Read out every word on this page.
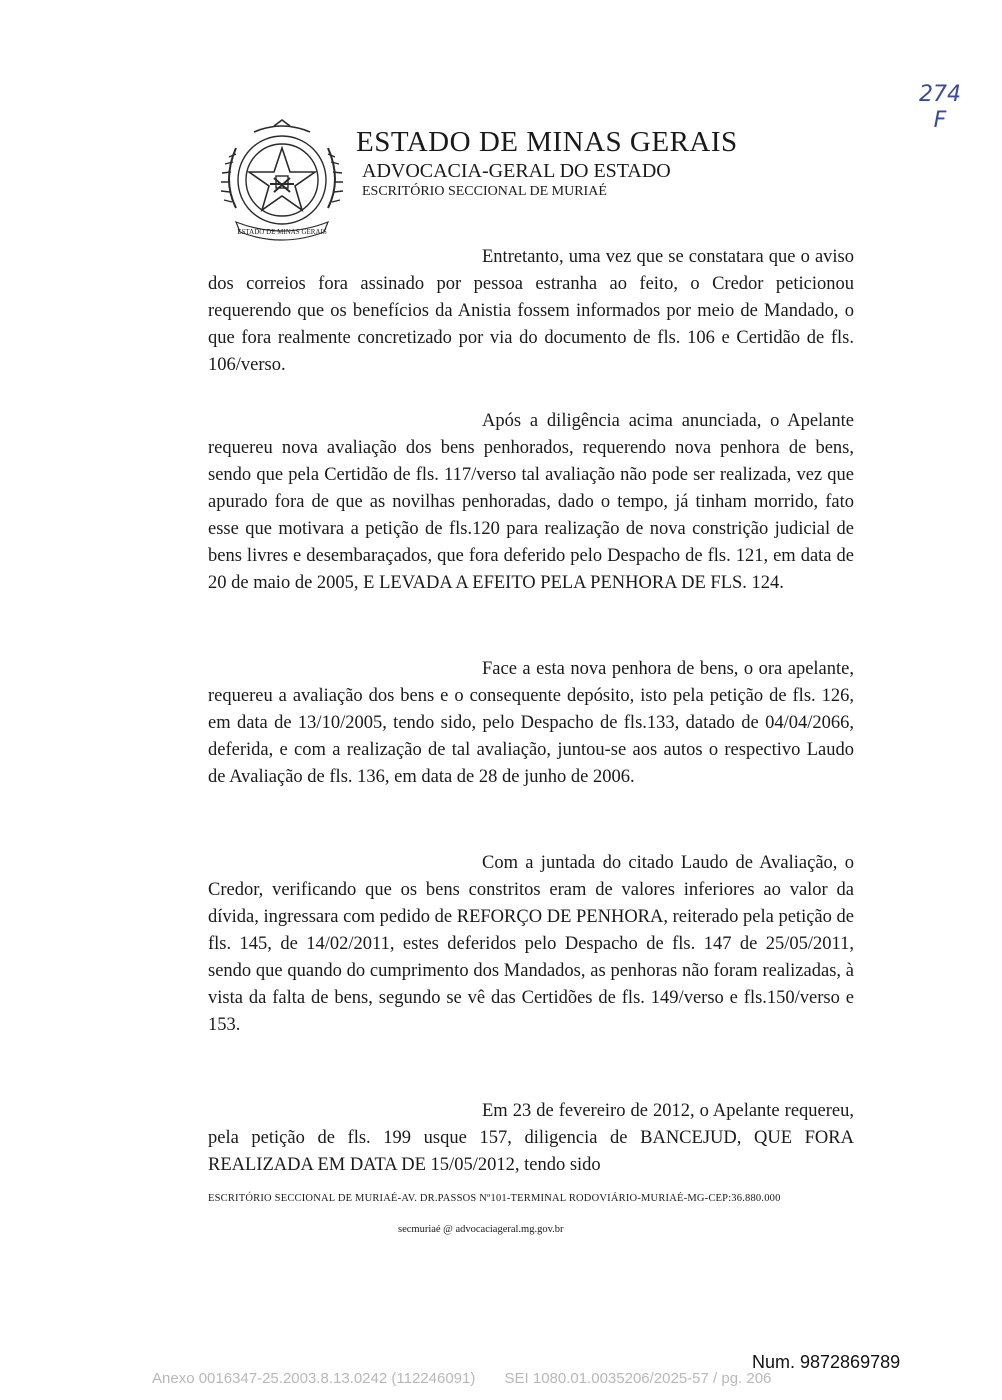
274
F
ESTADO DE MINAS GERAIS
ESTADO DE MINAS GERAIS
ADVOCACIA-GERAL DO ESTADO
ESCRITÓRIO SECCIONAL DE MURIAÉ
Entretanto, uma vez que se constatara que o aviso dos correios fora assinado por pessoa estranha ao feito, o Credor peticionou requerendo que os benefícios da Anistia fossem informados por meio de Mandado, o que fora realmente concretizado por via do documento de fls. 106 e Certidão de fls. 106/verso.
Após a diligência acima anunciada, o Apelante requereu nova avaliação dos bens penhorados, requerendo nova penhora de bens, sendo que pela Certidão de fls. 117/verso tal avaliação não pode ser realizada, vez que apurado fora de que as novilhas penhoradas, dado o tempo, já tinham morrido, fato esse que motivara a petição de fls.120 para realização de nova constrição judicial de bens livres e desembaraçados, que fora deferido pelo Despacho de fls. 121, em data de 20 de maio de 2005, E LEVADA A EFEITO PELA PENHORA DE FLS. 124.
Face a esta nova penhora de bens, o ora apelante, requereu a avaliação dos bens e o consequente depósito, isto pela petição de fls. 126, em data de 13/10/2005, tendo sido, pelo Despacho de fls.133, datado de 04/04/2066, deferida, e com a realização de tal avaliação, juntou-se aos autos o respectivo Laudo de Avaliação de fls. 136, em data de 28 de junho de 2006.
Com a juntada do citado Laudo de Avaliação, o Credor, verificando que os bens constritos eram de valores inferiores ao valor da dívida, ingressara com pedido de REFORÇO DE PENHORA, reiterado pela petição de fls. 145, de 14/02/2011, estes deferidos pelo Despacho de fls. 147 de 25/05/2011, sendo que quando do cumprimento dos Mandados, as penhoras não foram realizadas, à vista da falta de bens, segundo se vê das Certidões de fls. 149/verso e fls.150/verso e 153.
Em 23 de fevereiro de 2012, o Apelante requereu, pela petição de fls. 199 usque 157, diligencia de BANCEJUD, QUE FORA REALIZADA EM DATA DE 15/05/2012, tendo sido
ESCRITÓRIO SECCIONAL DE MURIAÉ-AV. DR.PASSOS Nº101-TERMINAL RODOVIÁRIO-MURIAÉ-MG-CEP:36.880.000
secmuriaé @ advocaciageral.mg.gov.br
Num. 9872869789
Anexo 0016347-25.2003.8.13.0242 (112246091)       SEI 1080.01.0035206/2025-57 / pg. 206
